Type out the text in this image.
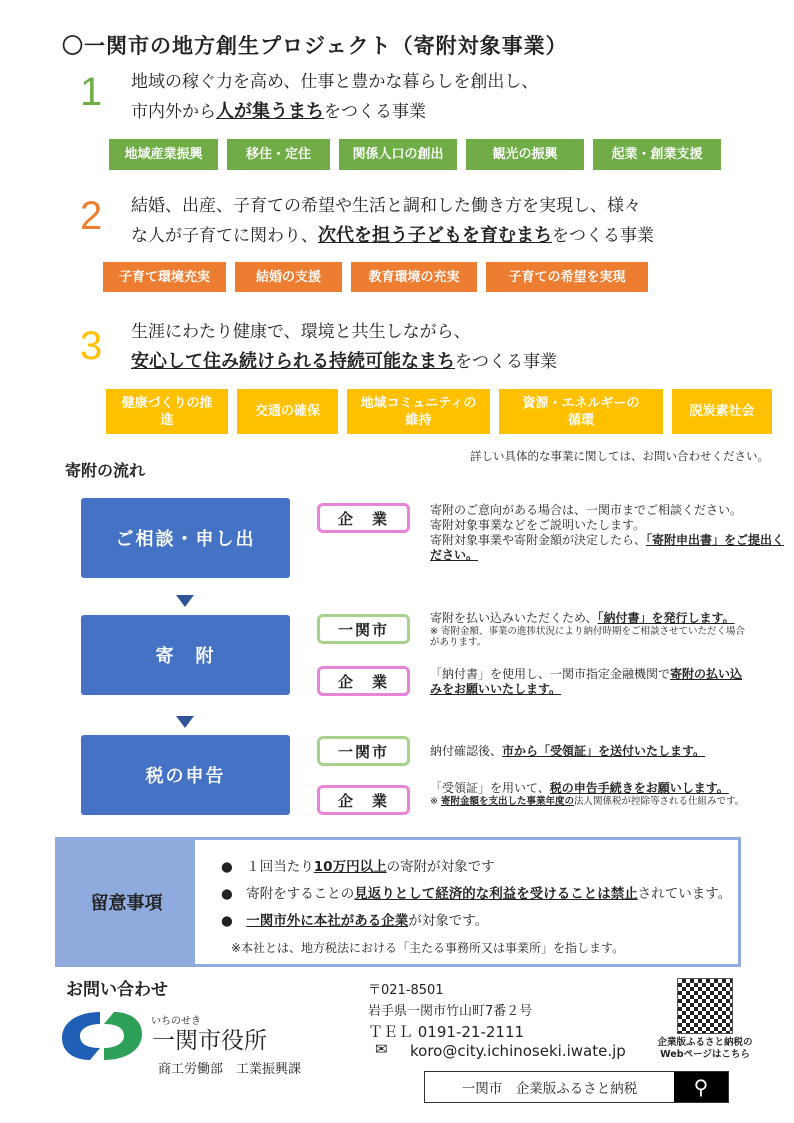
〇一関市の地方創生プロジェクト（寄附対象事業）
1 地域の稼ぐ力を高め、仕事と豊かな暮らしを創出し、
市内外から人が集うまちをつくる事業
地域産業振興	移住・定住	関係人口の創出	観光の振興	起業・創業支援
2 結婚、出産、子育ての希望や生活と調和した働き方を実現し、様々
な人が子育てに関わり、次代を担う子どもを育むまちをつくる事業
子育て環境充実	結婚の支援	教育環境の充実	子育ての希望を実現
3 生涯にわたり健康で、環境と共生しながら、
安心して住み続けられる持続可能なまちをつくる事業
健康づくりの推進
交通の確保
地域コミュニティの維持
資源・エネルギーの循環
脱炭素社会
寄附の流れ
詳しい具体的な事業に関しては、お問い合わせください。
ご相談・申し出
寄　附
税の申告
企　業	寄附のご意向がある場合は、一関市までご相談ください。
寄附対象事業などをご説明いたします。
寄附対象事業や寄附金額が決定したら、「寄附申出書」をご提出ください。
一関市
寄附を払い込みいただくため、「納付書」を発行します。
※ 寄附金額、事業の進捗状況により納付時期をご相談させていただく場合があります。
企　業	「納付書」を使用し、一関市指定金融機関で寄附の払い込みをお願いいたします。
一関市	納付確認後、市から「受領証」を送付いたします。
企　業
「受領証」を用いて、税の申告手続きをお願いします。
※ 寄附金額を支出した事業年度の法人関係税が控除等される仕組みです。
留意事項
●　１回当たり10万円以上の寄附が対象です
●　寄附をすることの見返りとして経済的な利益を受けることは禁止されています。
●　一関市外に本社がある企業が対象です。
※本社とは、地方税法における「主たる事務所又は事業所」を指します。
お問い合わせ
いちのせき
一関市役所
商工労働部　工業振興課
〒021-8501
岩手県一関市竹山町7番２号
ＴＥＬ 0191-21-2111
✉ koro@city.ichinoseki.iwate.jp	企業版ふるさと納税の
Webページはこちら
一関市　企業版ふるさと納税	⚲
